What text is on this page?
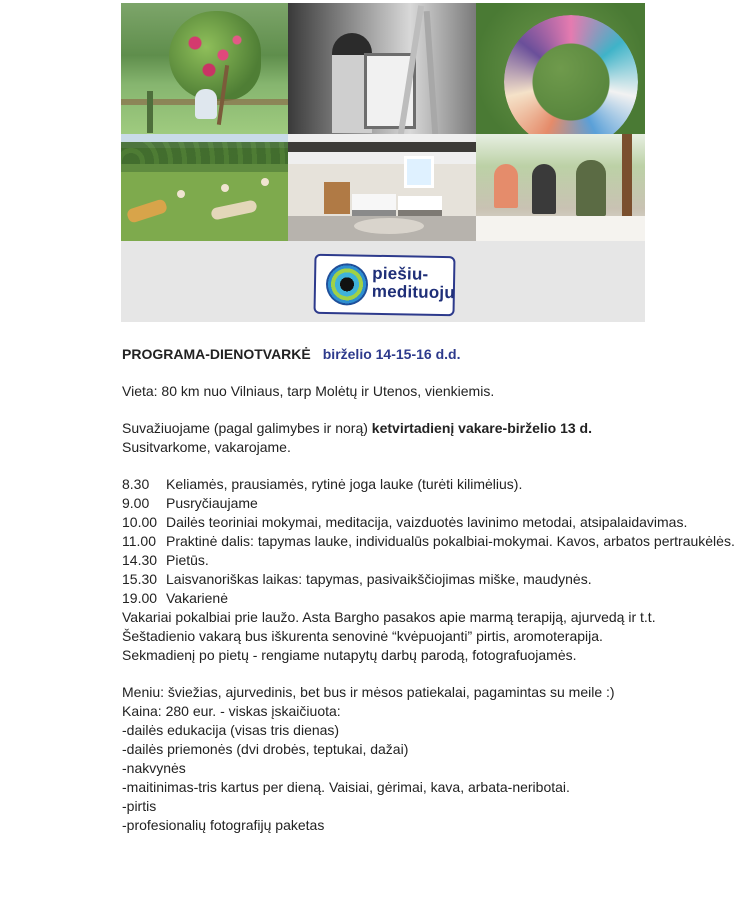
piešiu-
medituoju

PROGRAMA-DIENOTVARKĖ birželio 14-15-16 d.d.

Vieta: 80 km nuo Vilniaus, tarp Molėtų ir Utenos, vienkiemis.

Suvažiuojame (pagal galimybes ir norą) ketvirtadienį vakare-birželio 13 d.

Susitvarkome, vakarojame.

8.30	Keliamės, prausiamės, rytinė joga lauke (turėti kilimėlius).

9.00	Pusryčiaujame

10.00 Dailės teoriniai mokymai, meditacija, vaizduotės lavinimo metodai, atsipalaidavimas.

11.00 Praktinė dalis: tapymas lauke, individualūs pokalbiai-mokymai. Kavos, arbatos pertraukėlės.

14.30 Pietūs.

15.30 Laisvanoriškas laikas: tapymas, pasivaikščiojimas miške, maudynės.

19.00 Vakarienė

Vakariai pokalbiai prie laužo. Asta Bargho pasakos apie marmą terapiją, ajurvedą ir t.t.

Šeštadienio vakarą bus iškurenta senovinė “kvėpuojanti” pirtis, aromoterapija.

Sekmadienį po pietų - rengiame nutapytų darbų parodą, fotografuojamės.

Meniu: šviežias, ajurvedinis, bet bus ir mėsos patiekalai, pagamintas su meile :)

Kaina: 280 eur. - viskas įskaičiuota:

-dailės edukacija (visas tris dienas)

-dailės priemonės (dvi drobės, teptukai, dažai)

-nakvynės

-maitinimas-tris kartus per dieną. Vaisiai, gėrimai, kava, arbata-neribotai.

-pirtis

-profesionalių fotografijų paketas
